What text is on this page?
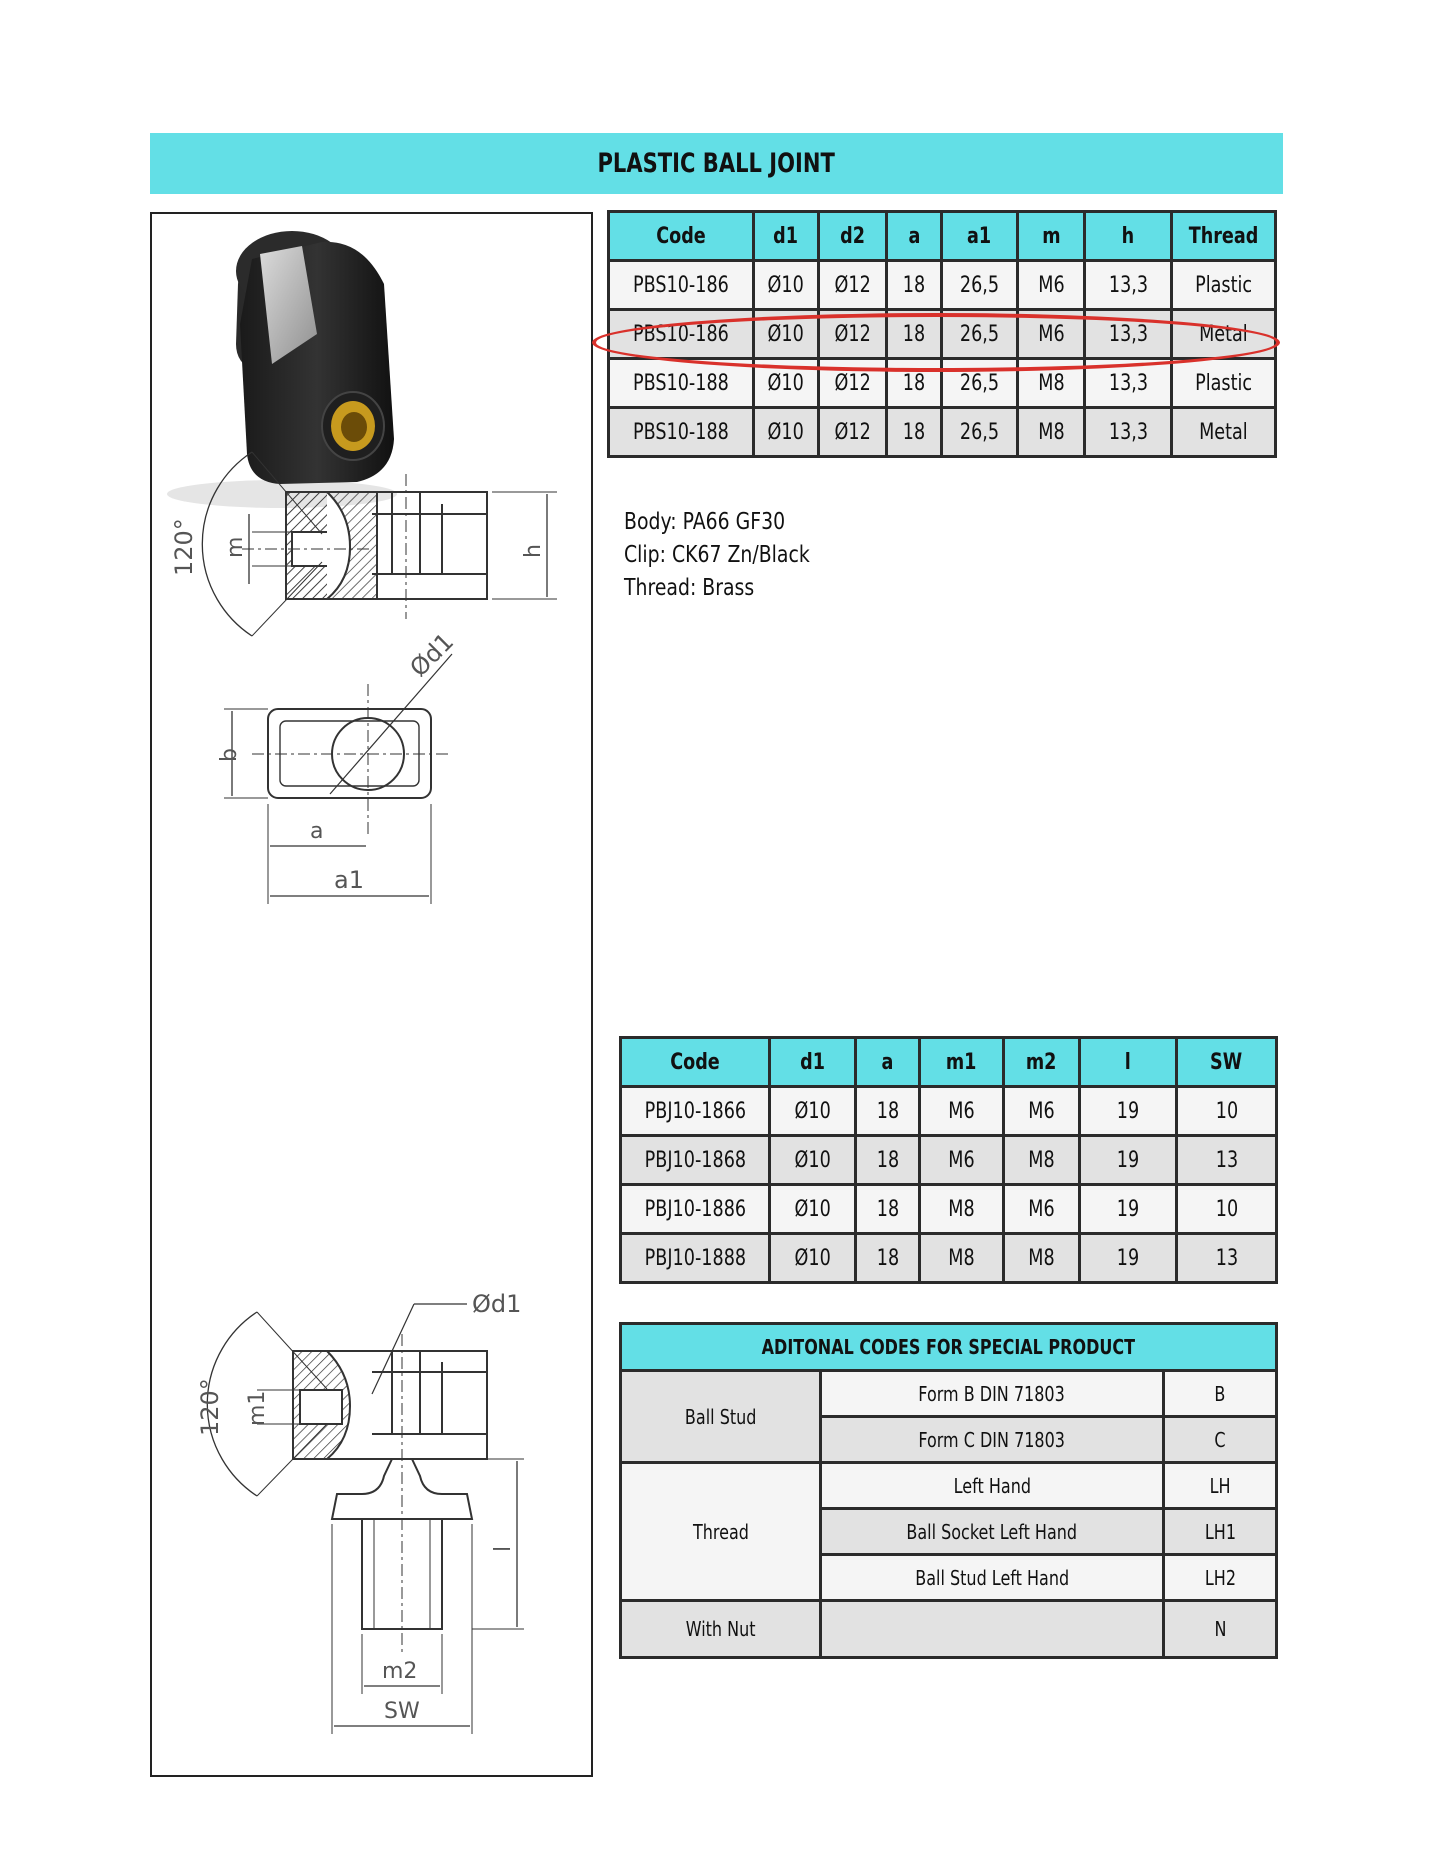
PLASTIC BALL JOINT
120° m	h
Ød1
b
a
a1
120° m1
Ød1
l
m2
SW
Code	d1	d2	a	a1	m	h	Thread
PBS10-186	Ø10	Ø12	18	26,5	M6	13,3	Plastic
PBS10-186	Ø10	Ø12	18	26,5	M6	13,3	Metal
PBS10-188	Ø10	Ø12	18	26,5	M8	13,3	Plastic
PBS10-188	Ø10	Ø12	18	26,5	M8	13,3	Metal
Body: PA66 GF30
Clip: CK67 Zn/Black
Thread: Brass
Code	d1	a	m1	m2	l	SW
PBJ10-1866	Ø10	18	M6	M6	19	10
PBJ10-1868	Ø10	18	M6	M8	19	13
PBJ10-1886	Ø10	18	M8	M6	19	10
PBJ10-1888	Ø10	18	M8	M8	19	13
ADITONAL CODES FOR SPECIAL PRODUCT		
Ball Stud	Form B DIN 71803	B
	Form C DIN 71803	C
Thread	Left Hand	LH
	Ball Socket Left Hand	LH1
	Ball Stud Left Hand	LH2
With Nut		N
